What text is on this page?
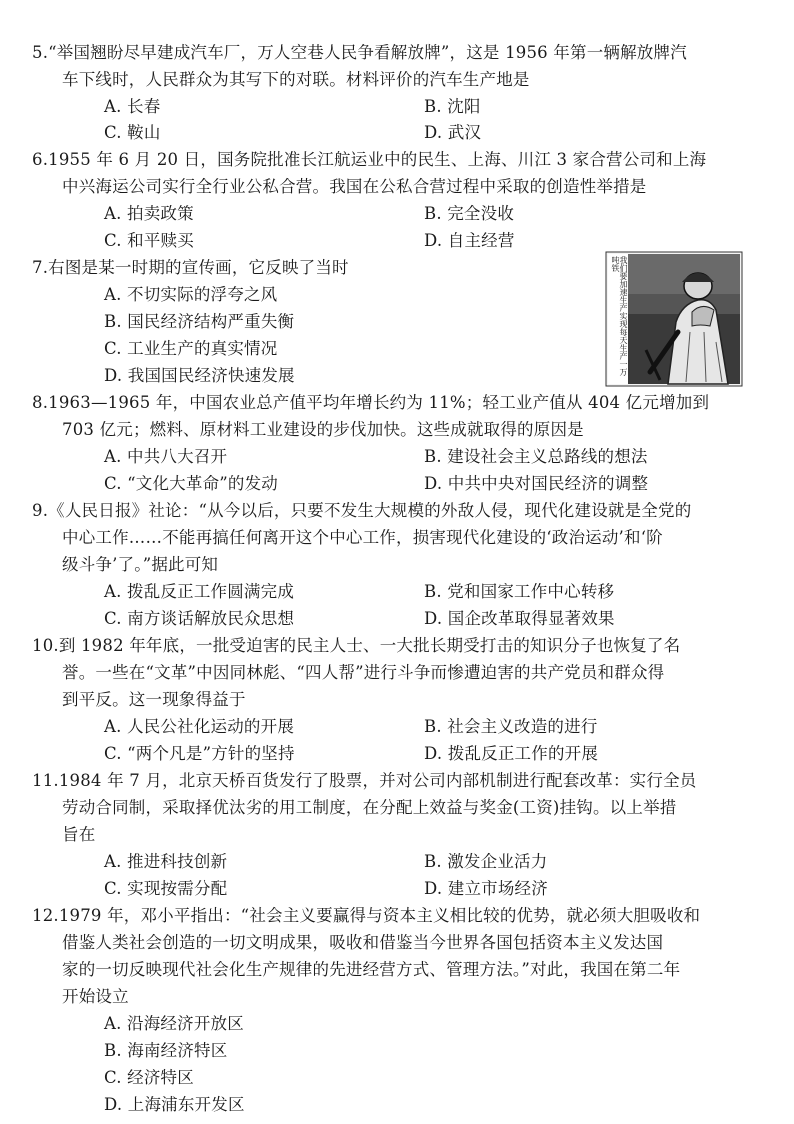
5.“举国翘盼尽早建成汽车厂，万人空巷人民争看解放牌”，这是 1956 年第一辆解放牌汽
车下线时，人民群众为其写下的对联。材料评价的汽车生产地是
A. 长春	B. 沈阳
C. 鞍山	D. 武汉
6.1955 年 6 月 20 日，国务院批准长江航运业中的民生、上海、川江 3 家合营公司和上海
中兴海运公司实行全行业公私合营。我国在公私合营过程中采取的创造性举措是
A. 拍卖政策	B. 完全没收
C. 和平赎买	D. 自主经营
7.右图是某一时期的宣传画，它反映了当时
A. 不切实际的浮夸之风
B. 国民经济结构严重失衡
C. 工业生产的真实情况
D. 我国国民经济快速发展	我们要加速生产实现每天生产一万吨铁
8.1963—1965 年，中国农业总产值平均年增长约为 11%；轻工业产值从 404 亿元增加到
703 亿元；燃料、原材料工业建设的步伐加快。这些成就取得的原因是
A. 中共八大召开	B. 建设社会主义总路线的想法
C. “文化大革命”的发动	D. 中共中央对国民经济的调整
9.《人民日报》社论：“从今以后，只要不发生大规模的外敌人侵，现代化建设就是全党的
中心工作……不能再搞任何离开这个中心工作，损害现代化建设的‘政治运动’和‘阶
级斗争’了。”据此可知
A. 拨乱反正工作圆满完成	B. 党和国家工作中心转移
C. 南方谈话解放民众思想	D. 国企改革取得显著效果
10.到 1982 年年底，一批受迫害的民主人士、一大批长期受打击的知识分子也恢复了名
誉。一些在“文革”中因同林彪、“四人帮”进行斗争而惨遭迫害的共产党员和群众得
到平反。这一现象得益于
A. 人民公社化运动的开展	B. 社会主义改造的进行
C. “两个凡是”方针的坚持	D. 拨乱反正工作的开展
11.1984 年 7 月，北京天桥百货发行了股票，并对公司内部机制进行配套改革：实行全员
劳动合同制，采取择优汰劣的用工制度，在分配上效益与奖金(工资)挂钩。以上举措
旨在
A. 推进科技创新	B. 激发企业活力
C. 实现按需分配	D. 建立市场经济
12.1979 年，邓小平指出：“社会主义要赢得与资本主义相比较的优势，就必须大胆吸收和
借鉴人类社会创造的一切文明成果，吸收和借鉴当今世界各国包括资本主义发达国
家的一切反映现代社会化生产规律的先进经营方式、管理方法。”对此，我国在第二年
开始设立
A. 沿海经济开放区
B. 海南经济特区
C. 经济特区
D. 上海浦东开发区
